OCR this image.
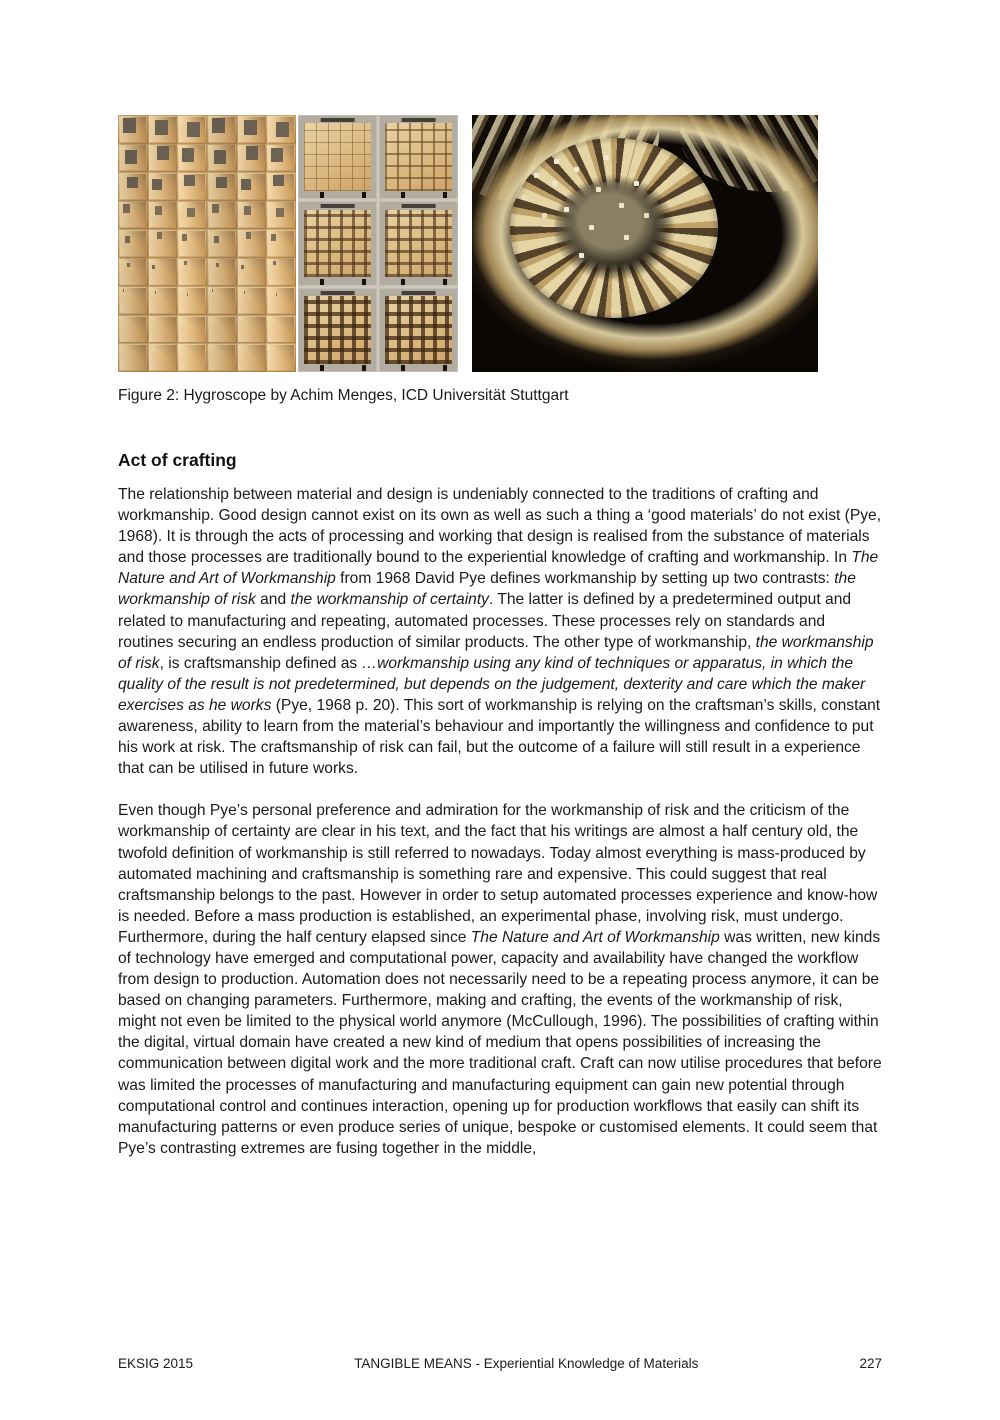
Figure 2: Hygroscope by Achim Menges, ICD Universität Stuttgart
Act of crafting

The relationship between material and design is undeniably connected to the traditions of crafting and workmanship. Good design cannot exist on its own as well as such a thing a ‘good materials’ do not exist (Pye, 1968). It is through the acts of processing and working that design is realised from the substance of materials and those processes are traditionally bound to the experiential knowledge of crafting and workmanship. In The Nature and Art of Workmanship from 1968 David Pye defines workmanship by setting up two contrasts: the workmanship of risk and the workmanship of certainty. The latter is defined by a predetermined output and related to manufacturing and repeating, automated processes. These processes rely on standards and routines securing an endless production of similar products. The other type of workmanship, the workmanship of risk, is craftsmanship defined as …workmanship using any kind of techniques or apparatus, in which the quality of the result is not predetermined, but depends on the judgement, dexterity and care which the maker exercises as he works (Pye, 1968 p. 20). This sort of workmanship is relying on the craftsman’s skills, constant awareness, ability to learn from the material’s behaviour and importantly the willingness and confidence to put his work at risk. The craftsmanship of risk can fail, but the outcome of a failure will still result in a experience that can be utilised in future works.

Even though Pye’s personal preference and admiration for the workmanship of risk and the criticism of the workmanship of certainty are clear in his text, and the fact that his writings are almost a half century old, the twofold definition of workmanship is still referred to nowadays. Today almost everything is mass-produced by automated machining and craftsmanship is something rare and expensive. This could suggest that real craftsmanship belongs to the past. However in order to setup automated processes experience and know-how is needed. Before a mass production is established, an experimental phase, involving risk, must undergo. Furthermore, during the half century elapsed since The Nature and Art of Workmanship was written, new kinds of technology have emerged and computational power, capacity and availability have changed the workflow from design to production. Automation does not necessarily need to be a repeating process anymore, it can be based on changing parameters. Furthermore, making and crafting, the events of the workmanship of risk, might not even be limited to the physical world anymore (McCullough, 1996). The possibilities of crafting within the digital, virtual domain have created a new kind of medium that opens possibilities of increasing the communication between digital work and the more traditional craft. Craft can now utilise procedures that before was limited the processes of manufacturing and manufacturing equipment can gain new potential through computational control and continues interaction, opening up for production workflows that easily can shift its manufacturing patterns or even produce series of unique, bespoke or customised elements. It could seem that Pye’s contrasting extremes are fusing together in the middle,

EKSIG 2015	TANGIBLE MEANS - Experiential Knowledge of Materials	227
